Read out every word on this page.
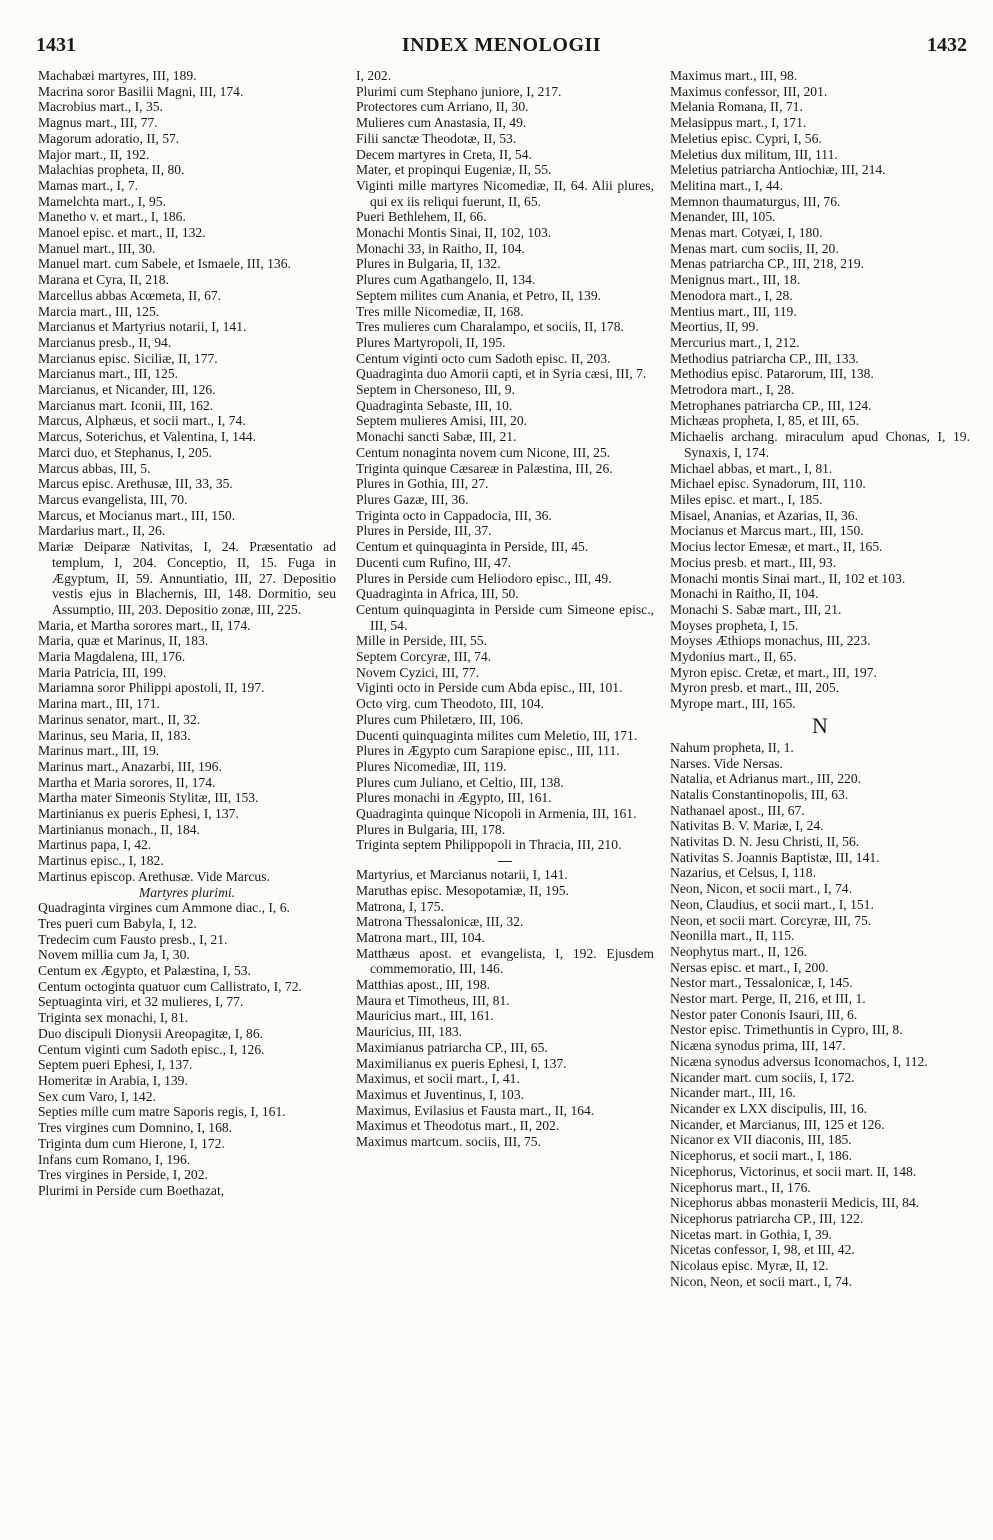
1431	INDEX MENOLOGII	1432
Machabæi martyres, III, 189.
Macrina soror Basilii Magni, III, 174.
Macrobius mart., I, 35.
Magnus mart., III, 77.
Magorum adoratio, II, 57.
Major mart., II, 192.
Malachias propheta, II, 80.
Mamas mart., I, 7.
Mamelchta mart., I, 95.
Manetho v. et mart., I, 186.
Manoel episc. et mart., II, 132.
Manuel mart., III, 30.
Manuel mart. cum Sabele, et Ismaele, III, 136.
Marana et Cyra, II, 218.
Marcellus abbas Acœmeta, II, 67.
Marcia mart., III, 125.
Marcianus et Martyrius notarii, I, 141.
Marcianus presb., II, 94.
Marcianus episc. Siciliæ, II, 177.
Marcianus mart., III, 125.
Marcianus, et Nicander, III, 126.
Marcianus mart. Iconii, III, 162.
Marcus, Alphæus, et socii mart., I, 74.
Marcus, Soterichus, et Valentina, I, 144.
Marci duo, et Stephanus, I, 205.
Marcus abbas, III, 5.
Marcus episc. Arethusæ, III, 33, 35.
Marcus evangelista, III, 70.
Marcus, et Mocianus mart., III, 150.
Mardarius mart., II, 26.
Mariæ Deiparæ Nativitas, I, 24. Præsentatio ad templum, I, 204. Conceptio, II, 15. Fuga in Ægyptum, II, 59. Annuntiatio, III, 27. Depositio vestis ejus in Blachernis, III, 148. Dormitio, seu Assumptio, III, 203. Depositio zonæ, III, 225.
Maria, et Martha sorores mart., II, 174.
Maria, quæ et Marinus, II, 183.
Maria Magdalena, III, 176.
Maria Patricia, III, 199.
Mariamna soror Philippi apostoli, II, 197.
Marina mart., III, 171.
Marinus senator, mart., II, 32.
Marinus, seu Maria, II, 183.
Marinus mart., III, 19.
Marinus mart., Anazarbi, III, 196.
Martha et Maria sorores, II, 174.
Martha mater Simeonis Stylitæ, III, 153.
Martinianus ex pueris Ephesi, I, 137.
Martinianus monach., II, 184.
Martinus papa, I, 42.
Martinus episc., I, 182.
Martinus episcop. Arethusæ. Vide Marcus.
Martyres plurimi.
Quadraginta virgines cum Ammone diac., I, 6.
Tres pueri cum Babyla, I, 12.
Tredecim cum Fausto presb., I, 21.
Novem millia cum Ja, I, 30.
Centum ex Ægypto, et Palæstina, I, 53.
Centum octoginta quatuor cum Callistrato, I, 72.
Septuaginta viri, et 32 mulieres, I, 77.
Triginta sex monachi, I, 81.
Duo discipuli Dionysii Areopagitæ, I, 86.
Centum viginti cum Sadoth episc., I, 126.
Septem pueri Ephesi, I, 137.
Homeritæ in Arabia, I, 139.
Sex cum Varo, I, 142.
Septies mille cum matre Saporis regis, I, 161.
Tres virgines cum Domnino, I, 168.
Triginta dum cum Hierone, I, 172.
Infans cum Romano, I, 196.
Tres virgines in Perside, I, 202.
Plurimi in Perside cum Boethazat,
I, 202.
Plurimi cum Stephano juniore, I, 217.
Protectores cum Arriano, II, 30.
Mulieres cum Anastasia, II, 49.
Filii sanctæ Theodotæ, II, 53.
Decem martyres in Creta, II, 54.
Mater, et propinqui Eugeniæ, II, 55.
Viginti mille martyres Nicomediæ, II, 64. Alii plures, qui ex iis reliqui fuerunt, II, 65.
Pueri Bethlehem, II, 66.
Monachi Montis Sinai, II, 102, 103.
Monachi 33, in Raitho, II, 104.
Plures in Bulgaria, II, 132.
Plures cum Agathangelo, II, 134.
Septem milites cum Anania, et Petro, II, 139.
Tres mille Nicomediæ, II, 168.
Tres mulieres cum Charalampo, et sociis, II, 178.
Plures Martyropoli, II, 195.
Centum viginti octo cum Sadoth episc. II, 203.
Quadraginta duo Amorii capti, et in Syria cæsi, III, 7.
Septem in Chersoneso, III, 9.
Quadraginta Sebaste, III, 10.
Septem mulieres Amisi, III, 20.
Monachi sancti Sabæ, III, 21.
Centum nonaginta novem cum Nicone, III, 25.
Triginta quinque Cæsareæ in Palæstina, III, 26.
Plures in Gothia, III, 27.
Plures Gazæ, III, 36.
Triginta octo in Cappadocia, III, 36.
Plures in Perside, III, 37.
Centum et quinquaginta in Perside, III, 45.
Ducenti cum Rufino, III, 47.
Plures in Perside cum Heliodoro episc., III, 49.
Quadraginta in Africa, III, 50.
Centum quinquaginta in Perside cum Simeone episc., III, 54.
Mille in Perside, III, 55.
Septem Corcyræ, III, 74.
Novem Cyzici, III, 77.
Viginti octo in Perside cum Abda episc., III, 101.
Octo virg. cum Theodoto, III, 104.
Plures cum Philetæro, III, 106.
Ducenti quinquaginta milites cum Meletio, III, 171.
Plures in Ægypto cum Sarapione episc., III, 111.
Plures Nicomediæ, III, 119.
Plures cum Juliano, et Celtio, III, 138.
Plures monachi in Ægypto, III, 161.
Quadraginta quinque Nicopoli in Armenia, III, 161.
Plures in Bulgaria, III, 178.
Triginta septem Philippopoli in Thracia, III, 210.
Martyrius, et Marcianus notarii, I, 141.
Maruthas episc. Mesopotamiæ, II, 195.
Matrona, I, 175.
Matrona Thessalonicæ, III, 32.
Matrona mart., III, 104.
Matthæus apost. et evangelista, I, 192. Ejusdem commemoratio, III, 146.
Matthias apost., III, 198.
Maura et Timotheus, III, 81.
Mauricius mart., III, 161.
Mauricius, III, 183.
Maximianus patriarcha CP., III, 65.
Maximilianus ex pueris Ephesi, I, 137.
Maximus, et socii mart., I, 41.
Maximus et Juventinus, I, 103.
Maximus, Evilasius et Fausta mart., II, 164.
Maximus et Theodotus mart., II, 202.
Maximus martcum. sociis, III, 75.
Maximus mart., III, 98.
Maximus confessor, III, 201.
Melania Romana, II, 71.
Melasippus mart., I, 171.
Meletius episc. Cypri, I, 56.
Meletius dux militum, III, 111.
Meletius patriarcha Antiochiæ, III, 214.
Melitina mart., I, 44.
Memnon thaumaturgus, III, 76.
Menander, III, 105.
Menas mart. Cotyæi, I, 180.
Menas mart. cum sociis, II, 20.
Menas patriarcha CP., III, 218, 219.
Menignus mart., III, 18.
Menodora mart., I, 28.
Mentius mart., III, 119.
Meortius, II, 99.
Mercurius mart., I, 212.
Methodius patriarcha CP., III, 133.
Methodius episc. Patarorum, III, 138.
Metrodora mart., I, 28.
Metrophanes patriarcha CP., III, 124.
Michæas propheta, I, 85, et III, 65.
Michaelis archang. miraculum apud Chonas, I, 19. Synaxis, I, 174.
Michael abbas, et mart., I, 81.
Michael episc. Synadorum, III, 110.
Miles episc. et mart., I, 185.
Misael, Ananias, et Azarias, II, 36.
Mocianus et Marcus mart., III, 150.
Mocius lector Emesæ, et mart., II, 165.
Mocius presb. et mart., III, 93.
Monachi montis Sinai mart., II, 102 et 103.
Monachi in Raitho, II, 104.
Monachi S. Sabæ mart., III, 21.
Moyses propheta, I, 15.
Moyses Æthiops monachus, III, 223.
Mydonius mart., II, 65.
Myron episc. Cretæ, et mart., III, 197.
Myron presb. et mart., III, 205.
Myrope mart., III, 165.
N
Nahum propheta, II, 1.
Narses. Vide Nersas.
Natalia, et Adrianus mart., III, 220.
Natalis Constantinopolis, III, 63.
Nathanael apost., III, 67.
Nativitas B. V. Mariæ, I, 24.
Nativitas D. N. Jesu Christi, II, 56.
Nativitas S. Joannis Baptistæ, III, 141.
Nazarius, et Celsus, I, 118.
Neon, Nicon, et socii mart., I, 74.
Neon, Claudius, et socii mart., I, 151.
Neon, et socii mart. Corcyræ, III, 75.
Neonilla mart., II, 115.
Neophytus mart., II, 126.
Nersas episc. et mart., I, 200.
Nestor mart., Tessalonicæ, I, 145.
Nestor mart. Perge, II, 216, et III, 1.
Nestor pater Cononis Isauri, III, 6.
Nestor episc. Trimethuntis in Cypro, III, 8.
Nicæna synodus prima, III, 147.
Nicæna synodus adversus Iconomachos, I, 112.
Nicander mart. cum sociis, I, 172.
Nicander mart., III, 16.
Nicander ex LXX discipulis, III, 16.
Nicander, et Marcianus, III, 125 et 126.
Nicanor ex VII diaconis, III, 185.
Nicephorus, et socii mart., I, 186.
Nicephorus, Victorinus, et socii mart. II, 148.
Nicephorus mart., II, 176.
Nicephorus abbas monasterii Medicis, III, 84.
Nicephorus patriarcha CP., III, 122.
Nicetas mart. in Gothia, I, 39.
Nicetas confessor, I, 98, et III, 42.
Nicolaus episc. Myræ, II, 12.
Nicon, Neon, et socii mart., I, 74.
